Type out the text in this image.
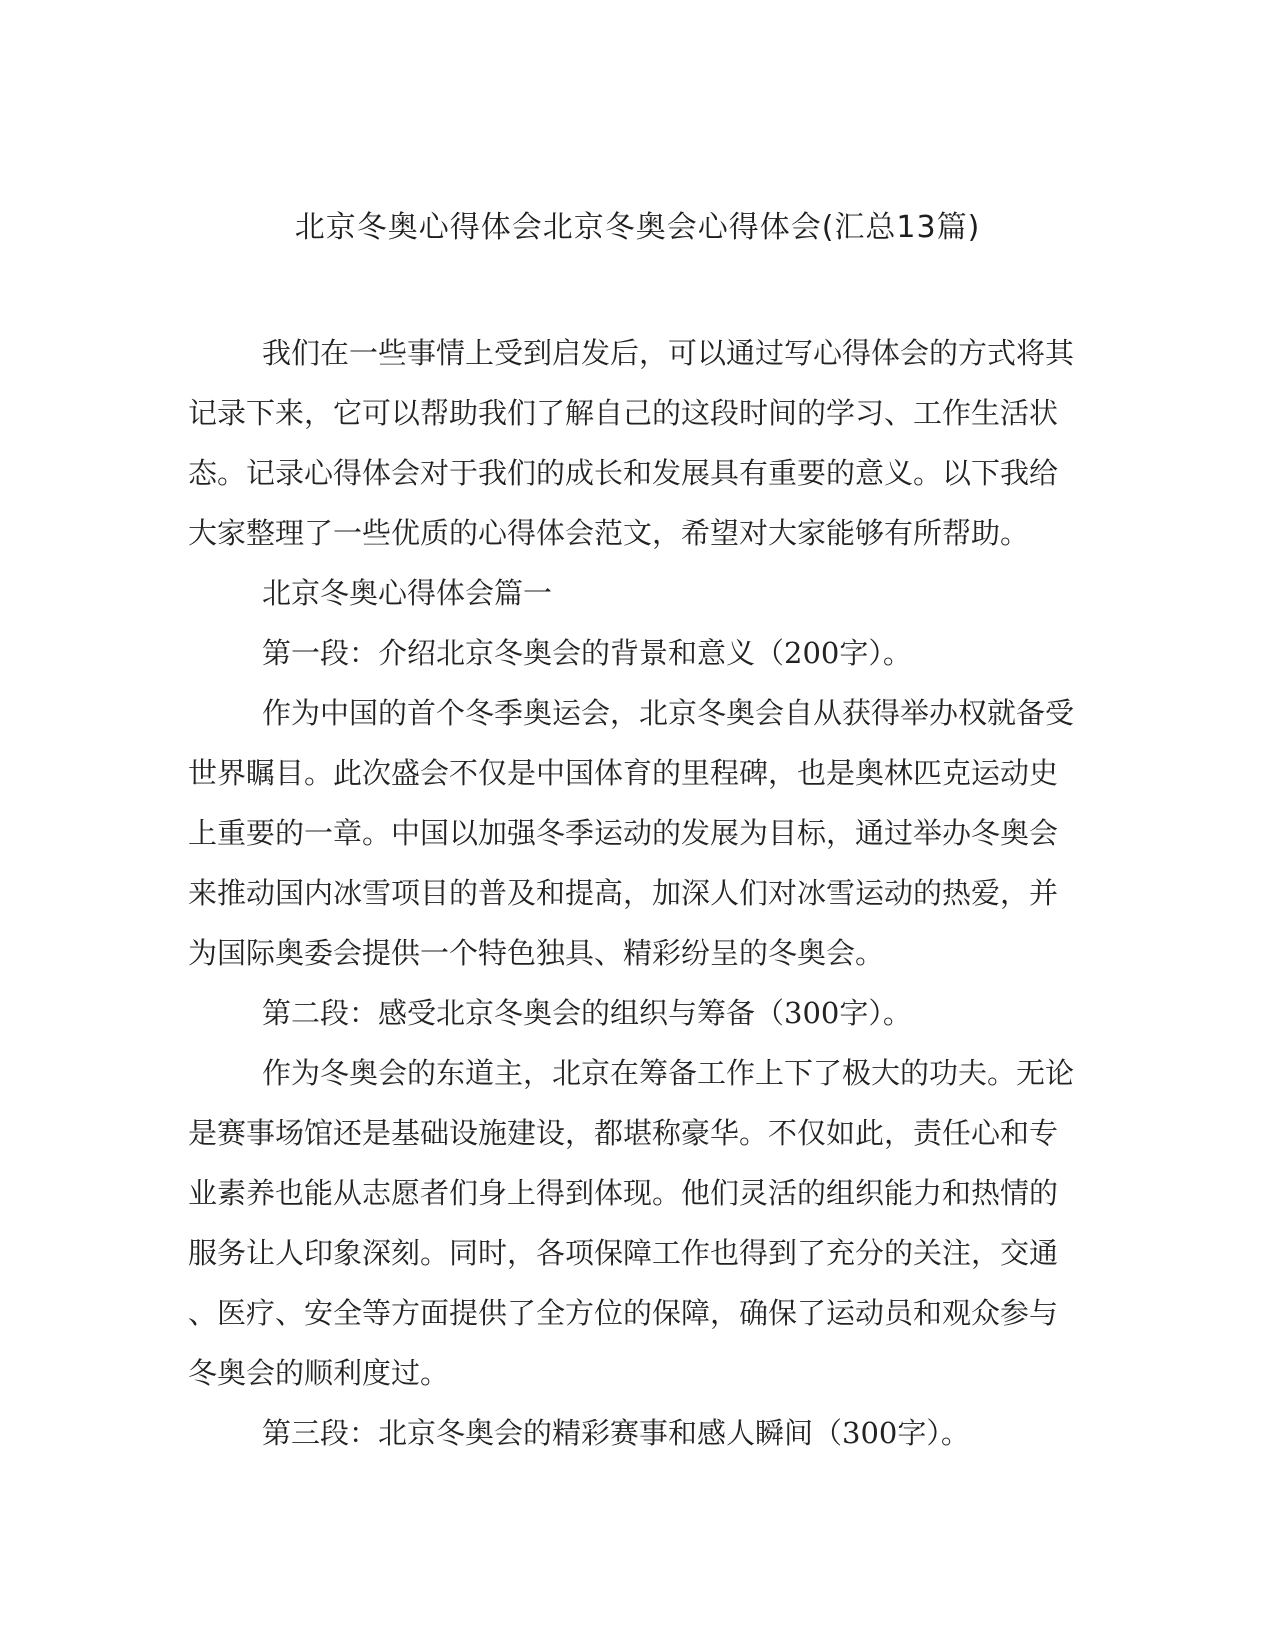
北京冬奥心得体会北京冬奥会心得体会(汇总13篇)
我们在一些事情上受到启发后，可以通过写心得体会的方式将其
记录下来，它可以帮助我们了解自己的这段时间的学习、工作生活状
态。记录心得体会对于我们的成长和发展具有重要的意义。以下我给
大家整理了一些优质的心得体会范文，希望对大家能够有所帮助。
北京冬奥心得体会篇一
第一段：介绍北京冬奥会的背景和意义（200字）。
作为中国的首个冬季奥运会，北京冬奥会自从获得举办权就备受
世界瞩目。此次盛会不仅是中国体育的里程碑，也是奥林匹克运动史
上重要的一章。中国以加强冬季运动的发展为目标，通过举办冬奥会
来推动国内冰雪项目的普及和提高，加深人们对冰雪运动的热爱，并
为国际奥委会提供一个特色独具、精彩纷呈的冬奥会。
第二段：感受北京冬奥会的组织与筹备（300字）。
作为冬奥会的东道主，北京在筹备工作上下了极大的功夫。无论
是赛事场馆还是基础设施建设，都堪称豪华。不仅如此，责任心和专
业素养也能从志愿者们身上得到体现。他们灵活的组织能力和热情的
服务让人印象深刻。同时，各项保障工作也得到了充分的关注，交通
、医疗、安全等方面提供了全方位的保障，确保了运动员和观众参与
冬奥会的顺利度过。
第三段：北京冬奥会的精彩赛事和感人瞬间（300字）。
